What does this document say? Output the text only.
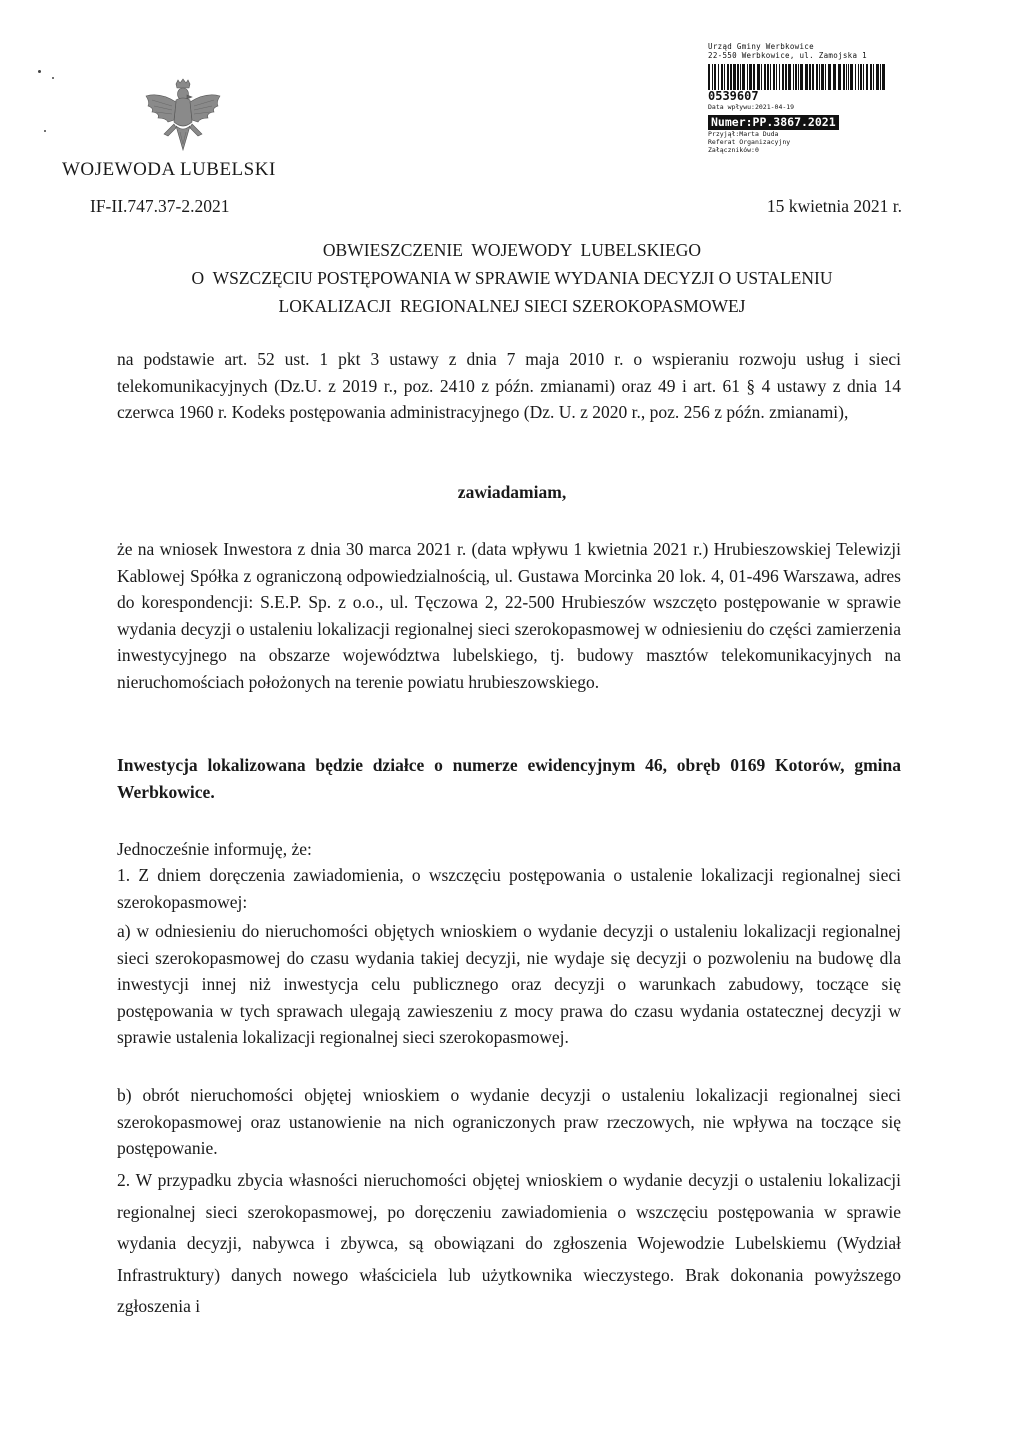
WOJEWODA LUBELSKI
IF-II.747.37-2.2021	15 kwietnia 2021 r.
Urząd Gminy Werbkowice
22-550 Werbkowice, ul. Zamojska 1
0539607
Data wpływu:2021-04-19
Numer:PP.3867.2021
Przyjął:Marta Duda
Referat Organizacyjny
Załączników:0
OBWIESZCZENIE  WOJEWODY  LUBELSKIEGO
O  WSZCZĘCIU POSTĘPOWANIA W SPRAWIE WYDANIA DECYZJI O USTALENIU
LOKALIZACJI  REGIONALNEJ SIECI SZEROKOPASMOWEJ
na podstawie art. 52 ust. 1 pkt 3 ustawy z dnia 7 maja 2010 r. o wspieraniu rozwoju usług i sieci telekomunikacyjnych (Dz.U. z 2019 r., poz. 2410 z późn. zmianami) oraz 49 i art. 61 § 4 ustawy z dnia 14 czerwca 1960 r. Kodeks postępowania administracyjnego (Dz. U. z 2020 r., poz. 256 z późn. zmianami),
zawiadamiam,
że na wniosek Inwestora z dnia 30 marca 2021 r. (data wpływu 1 kwietnia 2021 r.) Hrubieszowskiej Telewizji Kablowej Spółka z ograniczoną odpowiedzialnością, ul. Gustawa Morcinka 20 lok. 4, 01-496 Warszawa, adres do korespondencji: S.E.P. Sp. z o.o., ul. Tęczowa 2, 22-500 Hrubieszów wszczęto postępowanie w sprawie wydania decyzji o ustaleniu lokalizacji regionalnej sieci szerokopasmowej w odniesieniu do części zamierzenia inwestycyjnego na obszarze województwa lubelskiego, tj. budowy masztów telekomunikacyjnych na nieruchomościach położonych na terenie powiatu hrubieszowskiego.
Inwestycja lokalizowana będzie działce o numerze ewidencyjnym 46, obręb 0169 Kotorów, gmina Werbkowice.
Jednocześnie informuję, że:
1. Z dniem doręczenia zawiadomienia, o wszczęciu postępowania o ustalenie lokalizacji regionalnej sieci szerokopasmowej:
a) w odniesieniu do nieruchomości objętych wnioskiem o wydanie decyzji o ustaleniu lokalizacji regionalnej sieci szerokopasmowej do czasu wydania takiej decyzji, nie wydaje się decyzji o pozwoleniu na budowę dla inwestycji innej niż inwestycja celu publicznego oraz decyzji o warunkach zabudowy, toczące się postępowania w tych sprawach ulegają zawieszeniu z mocy prawa do czasu wydania ostatecznej decyzji w sprawie ustalenia lokalizacji regionalnej sieci szerokopasmowej.
b) obrót nieruchomości objętej wnioskiem o wydanie decyzji o ustaleniu lokalizacji regionalnej sieci szerokopasmowej oraz ustanowienie na nich ograniczonych praw rzeczowych, nie wpływa na toczące się postępowanie.
2. W przypadku zbycia własności nieruchomości objętej wnioskiem o wydanie decyzji o ustaleniu lokalizacji regionalnej sieci szerokopasmowej, po doręczeniu zawiadomienia o wszczęciu postępowania w sprawie wydania decyzji, nabywca i zbywca, są obowiązani do zgłoszenia Wojewodzie Lubelskiemu (Wydział Infrastruktury) danych nowego właściciela lub użytkownika wieczystego. Brak dokonania powyższego zgłoszenia i
